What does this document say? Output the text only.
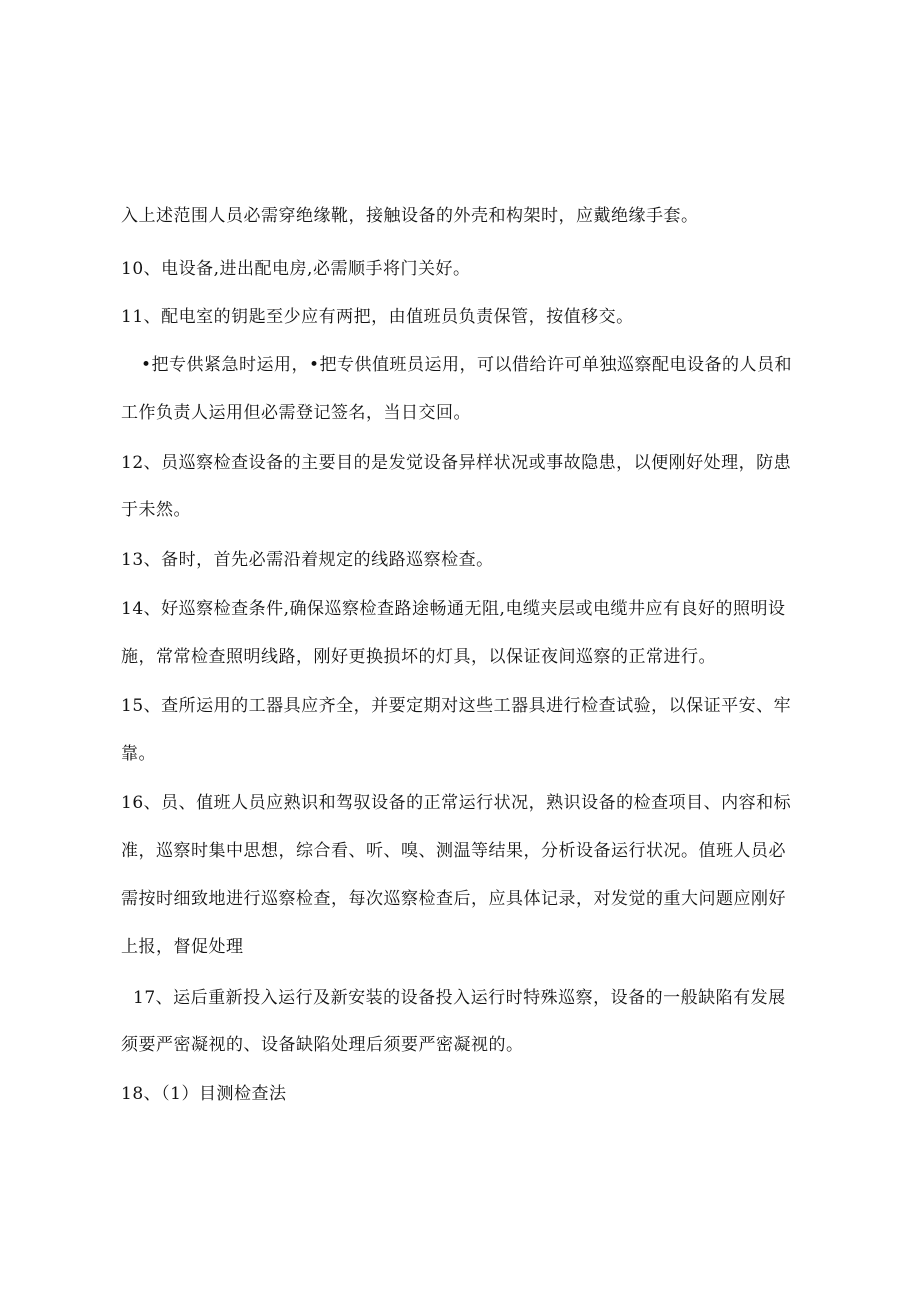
入上述范围人员必需穿绝缘靴，接触设备的外壳和构架时，应戴绝缘手套。
10、电设备,进出配电房,必需顺手将门关好。
11、配电室的钥匙至少应有两把，由值班员负责保管，按值移交。
•把专供紧急时运用，•把专供值班员运用，可以借给许可单独巡察配电设备的人员和
工作负责人运用但必需登记签名，当日交回。
12、员巡察检查设备的主要目的是发觉设备异样状况或事故隐患，以便刚好处理，防患
于未然。
13、备时，首先必需沿着规定的线路巡察检查。
14、好巡察检查条件,确保巡察检查路途畅通无阻,电缆夹层或电缆井应有良好的照明设
施，常常检查照明线路，刚好更换损坏的灯具，以保证夜间巡察的正常进行。
15、查所运用的工器具应齐全，并要定期对这些工器具进行检查试验，以保证平安、牢
靠。
16、员、值班人员应熟识和驾驭设备的正常运行状况，熟识设备的检查项目、内容和标
准，巡察时集中思想，综合看、听、嗅、测温等结果，分析设备运行状况。值班人员必
需按时细致地进行巡察检查，每次巡察检查后，应具体记录，对发觉的重大问题应刚好
上报，督促处理
17、运后重新投入运行及新安装的设备投入运行时特殊巡察，设备的一般缺陷有发展
须要严密凝视的、设备缺陷处理后须要严密凝视的。
18、（1）目测检查法
